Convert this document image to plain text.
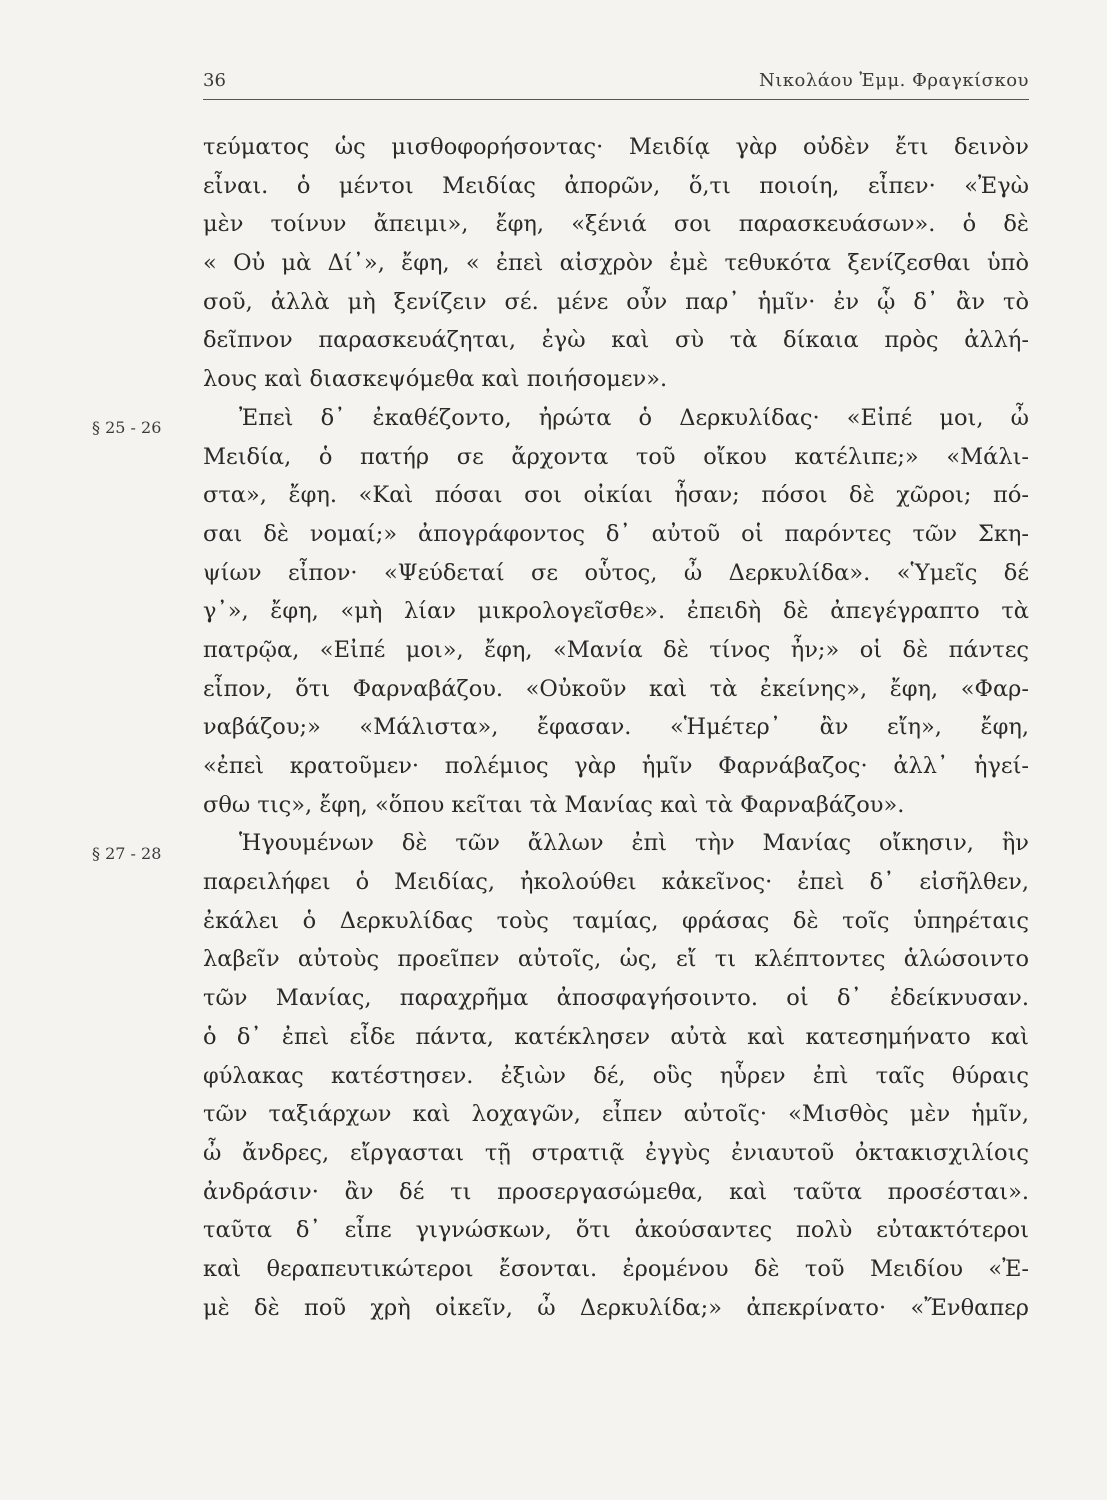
36	Νικολάου Ἐμμ. Φραγκίσκου
§ 25 - 26
§ 27 - 28
τεύματος ὡς μισθοφορήσοντας· Μειδίᾳ γὰρ οὐδὲν ἔτι δεινὸν
εἶναι. ὁ μέντοι Μειδίας ἀπορῶν, ὅ,τι ποιοίη, εἶπεν· «Ἐγὼ
μὲν τοίνυν ἄπειμι», ἔφη, «ξένιά σοι παρασκευάσων». ὁ δὲ
« Οὐ μὰ Δί᾽», ἔφη, « ἐπεὶ αἰσχρὸν ἐμὲ τεθυκότα ξενίζεσθαι ὑπὸ
σοῦ, ἀλλὰ μὴ ξενίζειν σέ. μένε οὖν παρ᾽ ἡμῖν· ἐν ᾧ δ᾽ ἂν τὸ
δεῖπνον παρασκευάζηται, ἐγὼ καὶ σὺ τὰ δίκαια πρὸς ἀλλή-
λους καὶ διασκεψόμεθα καὶ ποιήσομεν».
Ἐπεὶ δ᾽ ἐκαθέζοντο, ἠρώτα ὁ Δερκυλίδας· «Εἰπέ μοι, ὦ
Μειδία, ὁ πατήρ σε ἄρχοντα τοῦ οἴκου κατέλιπε;» «Μάλι-
στα», ἔφη. «Καὶ πόσαι σοι οἰκίαι ἦσαν; πόσοι δὲ χῶροι; πό-
σαι δὲ νομαί;» ἀπογράφοντος δ᾽ αὐτοῦ οἱ παρόντες τῶν Σκη-
ψίων εἶπον· «Ψεύδεταί σε οὗτος, ὦ Δερκυλίδα». «Ὑμεῖς δέ
γ᾽», ἔφη, «μὴ λίαν μικρολογεῖσθε». ἐπειδὴ δὲ ἀπεγέγραπτο τὰ
πατρῷα, «Εἰπέ μοι», ἔφη, «Μανία δὲ τίνος ἦν;» οἱ δὲ πάντες
εἶπον, ὅτι Φαρναβάζου. «Οὐκοῦν καὶ τὰ ἐκείνης», ἔφη, «Φαρ-
ναβάζου;» «Μάλιστα», ἔφασαν. «Ἡμέτερ᾽ ἂν εἴη», ἔφη,
«ἐπεὶ κρατοῦμεν· πολέμιος γὰρ ἡμῖν Φαρνάβαζος· ἀλλ᾽ ἡγεί-
σθω τις», ἔφη, «ὅπου κεῖται τὰ Μανίας καὶ τὰ Φαρναβάζου».
Ἡγουμένων δὲ τῶν ἄλλων ἐπὶ τὴν Μανίας οἴκησιν, ἣν
παρειλήφει ὁ Μειδίας, ἠκολούθει κἀκεῖνος· ἐπεὶ δ᾽ εἰσῆλθεν,
ἐκάλει ὁ Δερκυλίδας τοὺς ταμίας, φράσας δὲ τοῖς ὑπηρέταις
λαβεῖν αὐτοὺς προεῖπεν αὐτοῖς, ὡς, εἴ τι κλέπτοντες ἁλώσοιντο
τῶν Μανίας, παραχρῆμα ἀποσφαγήσοιντο. οἱ δ᾽ ἐδείκνυσαν.
ὁ δ᾽ ἐπεὶ εἶδε πάντα, κατέκλησεν αὐτὰ καὶ κατεσημήνατο καὶ
φύλακας κατέστησεν. ἐξιὼν δέ, οὓς ηὗρεν ἐπὶ ταῖς θύραις
τῶν ταξιάρχων καὶ λοχαγῶν, εἶπεν αὐτοῖς· «Μισθὸς μὲν ἡμῖν,
ὦ ἄνδρες, εἴργασται τῇ στρατιᾷ ἐγγὺς ἐνιαυτοῦ ὀκτακισχιλίοις
ἀνδράσιν· ἂν δέ τι προσεργασώμεθα, καὶ ταῦτα προσέσται».
ταῦτα δ᾽ εἶπε γιγνώσκων, ὅτι ἀκούσαντες πολὺ εὐτακτότεροι
καὶ θεραπευτικώτεροι ἔσονται. ἐρομένου δὲ τοῦ Μειδίου «Ἐ-
μὲ δὲ ποῦ χρὴ οἰκεῖν, ὦ Δερκυλίδα;» ἀπεκρίνατο· «Ἔνθαπερ
